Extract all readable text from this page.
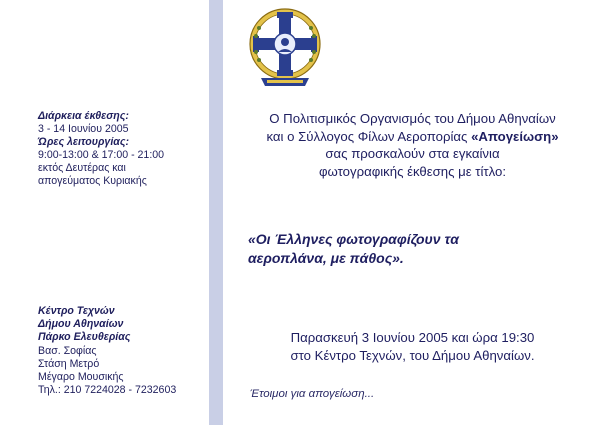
Διάρκεια έκθεσης:
3 - 14 Ιουνίου 2005
Ώρες λειτουργίας:
9:00-13:00 & 17:00 - 21:00
εκτός Δευτέρας και
απογεύματος Κυριακής
Κέντρο Τεχνών
Δήμου Αθηναίων
Πάρκο Ελευθερίας
Βασ. Σοφίας
Στάση Μετρό
Μέγαρο Μουσικής
Τηλ.: 210 7224028 - 7232603
Ο Πολιτισμικός Οργανισμός του Δήμου Αθηναίων
και ο Σύλλογος Φίλων Αεροπορίας «Απογείωση»
σας προσκαλούν στα εγκαίνια
φωτογραφικής έκθεσης με τίτλο:
«Οι Έλληνες φωτογραφίζουν τα
αεροπλάνα, με πάθος».
Παρασκευή 3 Ιουνίου 2005 και ώρα 19:30
στο Κέντρο Τεχνών, του Δήμου Αθηναίων.
Έτοιμοι για απογείωση...
